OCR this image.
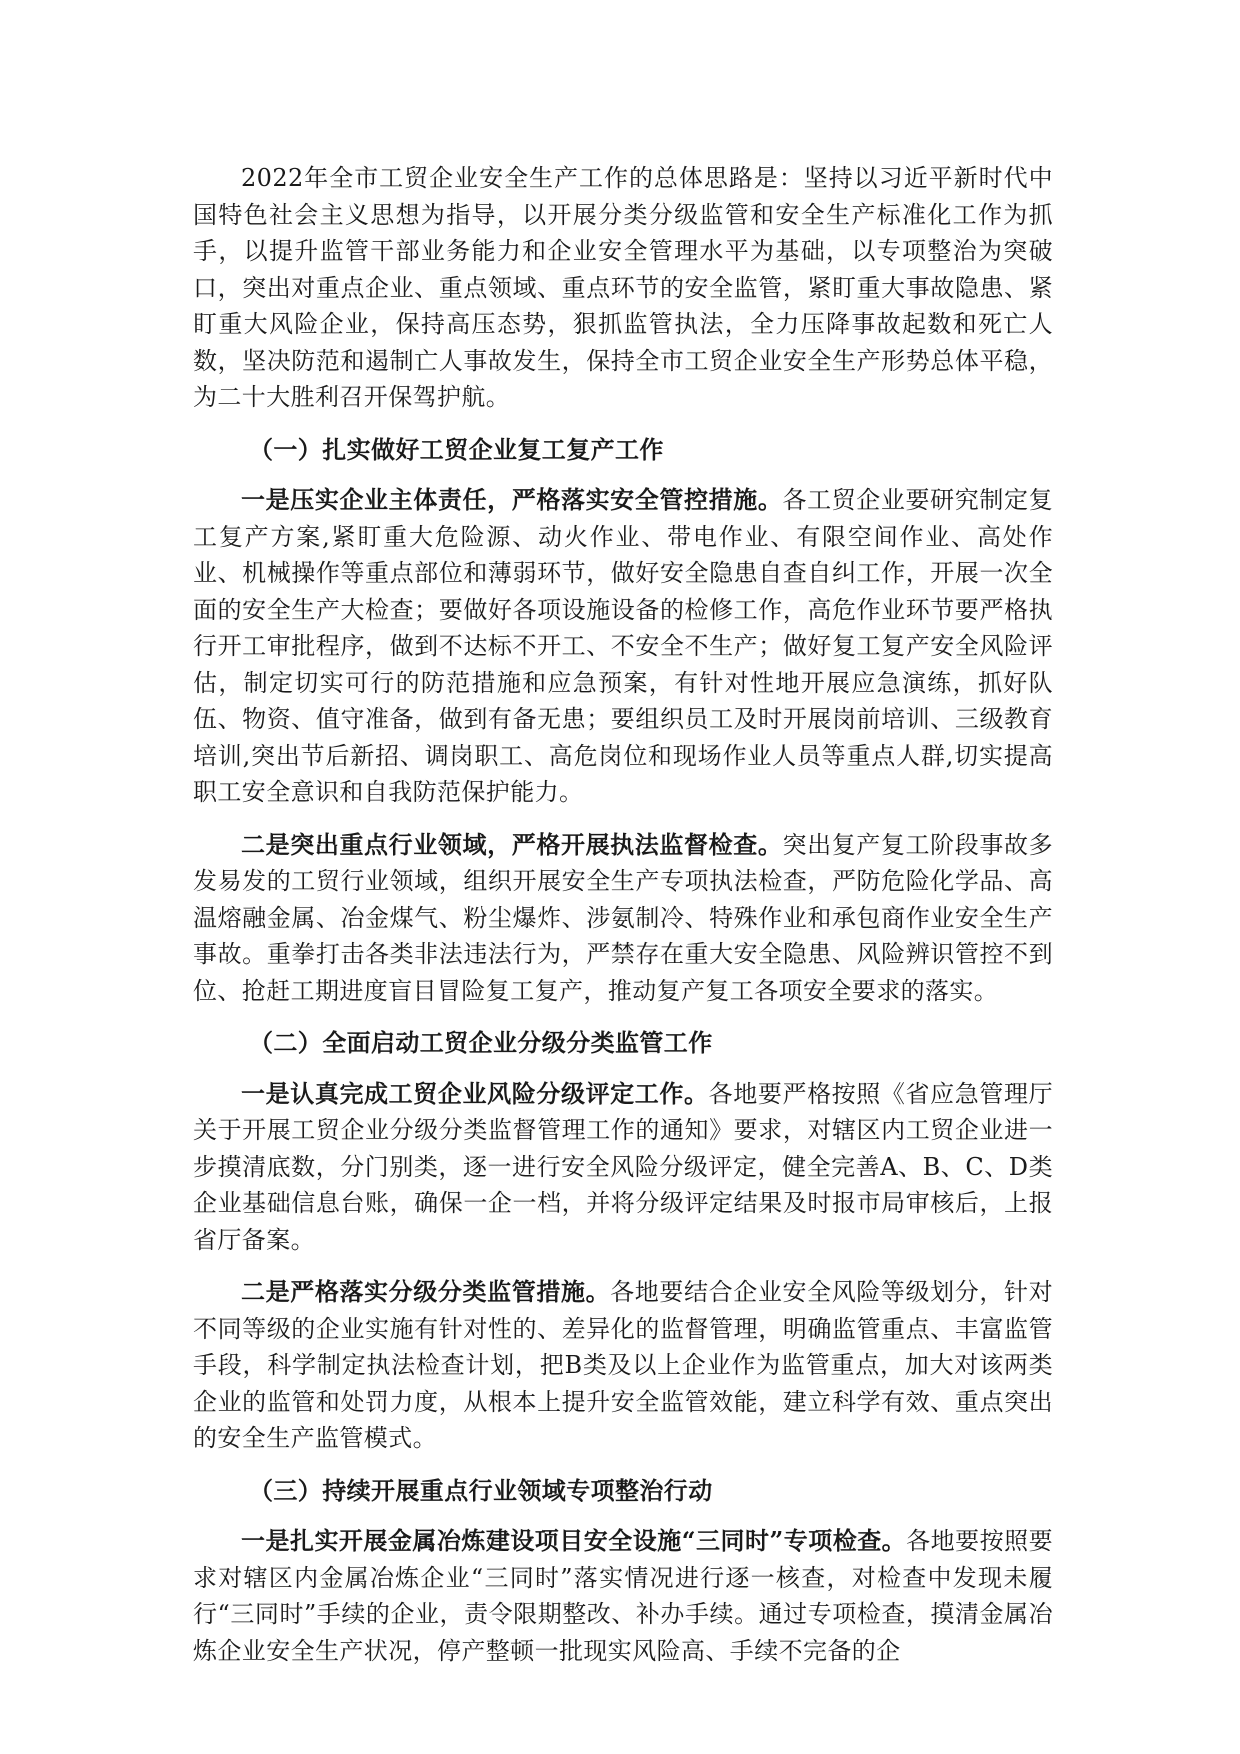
2022年全市工贸企业安全生产工作的总体思路是：坚持以习近平新时代中国特色社会主义思想为指导，以开展分类分级监管和安全生产标准化工作为抓手，以提升监管干部业务能力和企业安全管理水平为基础，以专项整治为突破口，突出对重点企业、重点领域、重点环节的安全监管，紧盯重大事故隐患、紧盯重大风险企业，保持高压态势，狠抓监管执法，全力压降事故起数和死亡人数，坚决防范和遏制亡人事故发生，保持全市工贸企业安全生产形势总体平稳，为二十大胜利召开保驾护航。

（一）扎实做好工贸企业复工复产工作

一是压实企业主体责任，严格落实安全管控措施。各工贸企业要研究制定复工复产方案,紧盯重大危险源、动火作业、带电作业、有限空间作业、高处作业、机械操作等重点部位和薄弱环节，做好安全隐患自查自纠工作，开展一次全面的安全生产大检查；要做好各项设施设备的检修工作，高危作业环节要严格执行开工审批程序，做到不达标不开工、不安全不生产；做好复工复产安全风险评估，制定切实可行的防范措施和应急预案，有针对性地开展应急演练，抓好队伍、物资、值守准备，做到有备无患；要组织员工及时开展岗前培训、三级教育培训,突出节后新招、调岗职工、高危岗位和现场作业人员等重点人群,切实提高职工安全意识和自我防范保护能力。

二是突出重点行业领域，严格开展执法监督检查。突出复产复工阶段事故多发易发的工贸行业领域，组织开展安全生产专项执法检查，严防危险化学品、高温熔融金属、冶金煤气、粉尘爆炸、涉氨制冷、特殊作业和承包商作业安全生产事故。重拳打击各类非法违法行为，严禁存在重大安全隐患、风险辨识管控不到位、抢赶工期进度盲目冒险复工复产，推动复产复工各项安全要求的落实。

（二）全面启动工贸企业分级分类监管工作

一是认真完成工贸企业风险分级评定工作。各地要严格按照《省应急管理厅关于开展工贸企业分级分类监督管理工作的通知》要求，对辖区内工贸企业进一步摸清底数，分门别类，逐一进行安全风险分级评定，健全完善A、B、C、D类企业基础信息台账，确保一企一档，并将分级评定结果及时报市局审核后，上报省厅备案。

二是严格落实分级分类监管措施。各地要结合企业安全风险等级划分，针对不同等级的企业实施有针对性的、差异化的监督管理，明确监管重点、丰富监管手段，科学制定执法检查计划，把B类及以上企业作为监管重点，加大对该两类企业的监管和处罚力度，从根本上提升安全监管效能，建立科学有效、重点突出的安全生产监管模式。

（三）持续开展重点行业领域专项整治行动

一是扎实开展金属冶炼建设项目安全设施“三同时”专项检查。各地要按照要求对辖区内金属冶炼企业“三同时”落实情况进行逐一核查，对检查中发现未履行“三同时”手续的企业，责令限期整改、补办手续。通过专项检查，摸清金属冶炼企业安全生产状况，停产整顿一批现实风险高、手续不完备的企
